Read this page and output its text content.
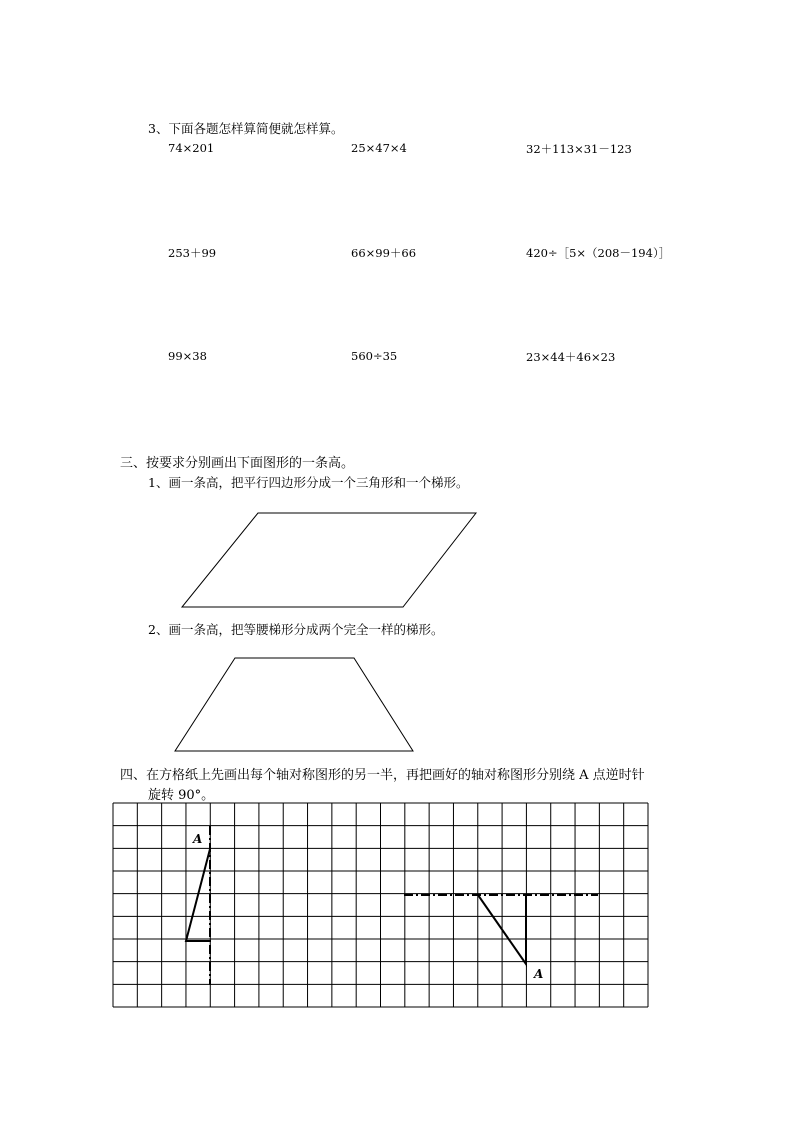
3、下面各题怎样算简便就怎样算。
74×201	25×47×4	32＋113×31－123
253＋99	66×99＋66	420÷［5×（208－194）］
99×38	560÷35	23×44＋46×23
三、按要求分别画出下面图形的一条高。
1、画一条高，把平行四边形分成一个三角形和一个梯形。
2、画一条高，把等腰梯形分成两个完全一样的梯形。
四、在方格纸上先画出每个轴对称图形的另一半，再把画好的轴对称图形分别绕 A 点逆时针
旋转 90°。
A
A
